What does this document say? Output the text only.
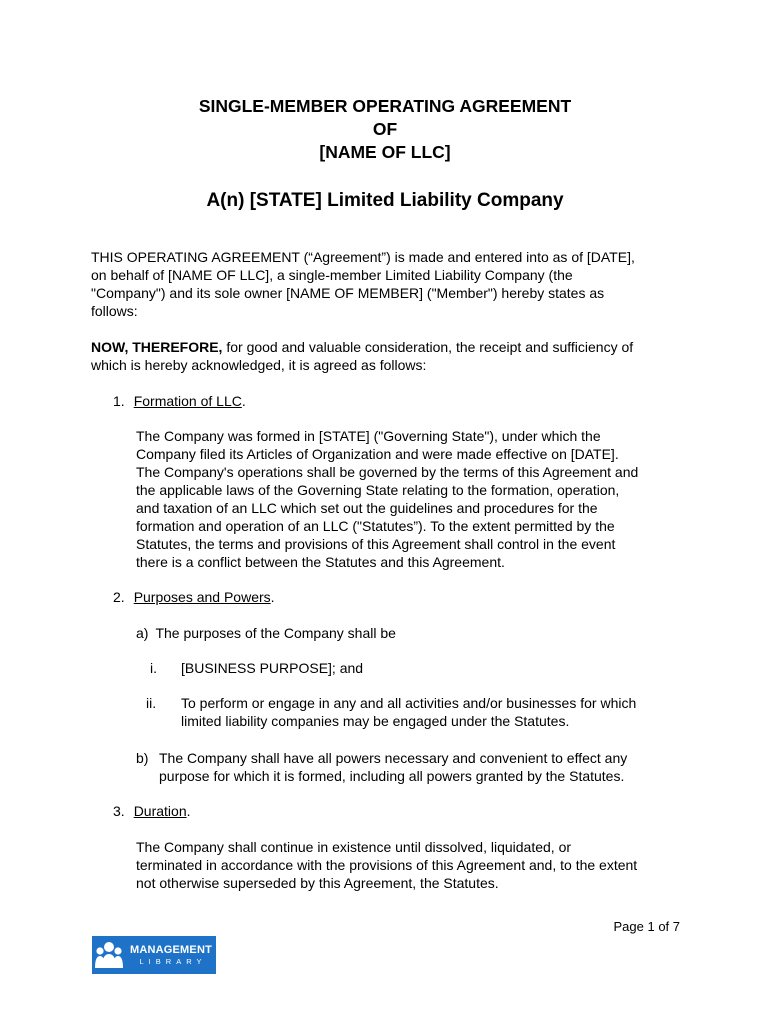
SINGLE-MEMBER OPERATING AGREEMENT

OF

[NAME OF LLC]

A(n) [STATE] Limited Liability Company

THIS OPERATING AGREEMENT (“Agreement”) is made and entered into as of [DATE],
on behalf of [NAME OF LLC], a single-member Limited Liability Company (the
"Company") and its sole owner [NAME OF MEMBER] ("Member") hereby states as
follows:
NOW, THEREFORE, for good and valuable consideration, the receipt and sufficiency of
which is hereby acknowledged, it is agreed as follows:
1. Formation of LLC.
The Company was formed in [STATE] ("Governing State"), under which the
Company filed its Articles of Organization and were made effective on [DATE].
The Company's operations shall be governed by the terms of this Agreement and
the applicable laws of the Governing State relating to the formation, operation,
and taxation of an LLC which set out the guidelines and procedures for the
formation and operation of an LLC ("Statutes”). To the extent permitted by the
Statutes, the terms and provisions of this Agreement shall control in the event
there is a conflict between the Statutes and this Agreement.
2. Purposes and Powers.
a) The purposes of the Company shall be
i. [BUSINESS PURPOSE]; and
ii. To perform or engage in any and all activities and/or businesses for which
limited liability companies may be engaged under the Statutes.
b) The Company shall have all powers necessary and convenient to effect any
purpose for which it is formed, including all powers granted by the Statutes.
3. Duration.
The Company shall continue in existence until dissolved, liquidated, or
terminated in accordance with the provisions of this Agreement and, to the extent
not otherwise superseded by this Agreement, the Statutes.
Page 1 of 7
MANAGEMENT
LIBRARY
